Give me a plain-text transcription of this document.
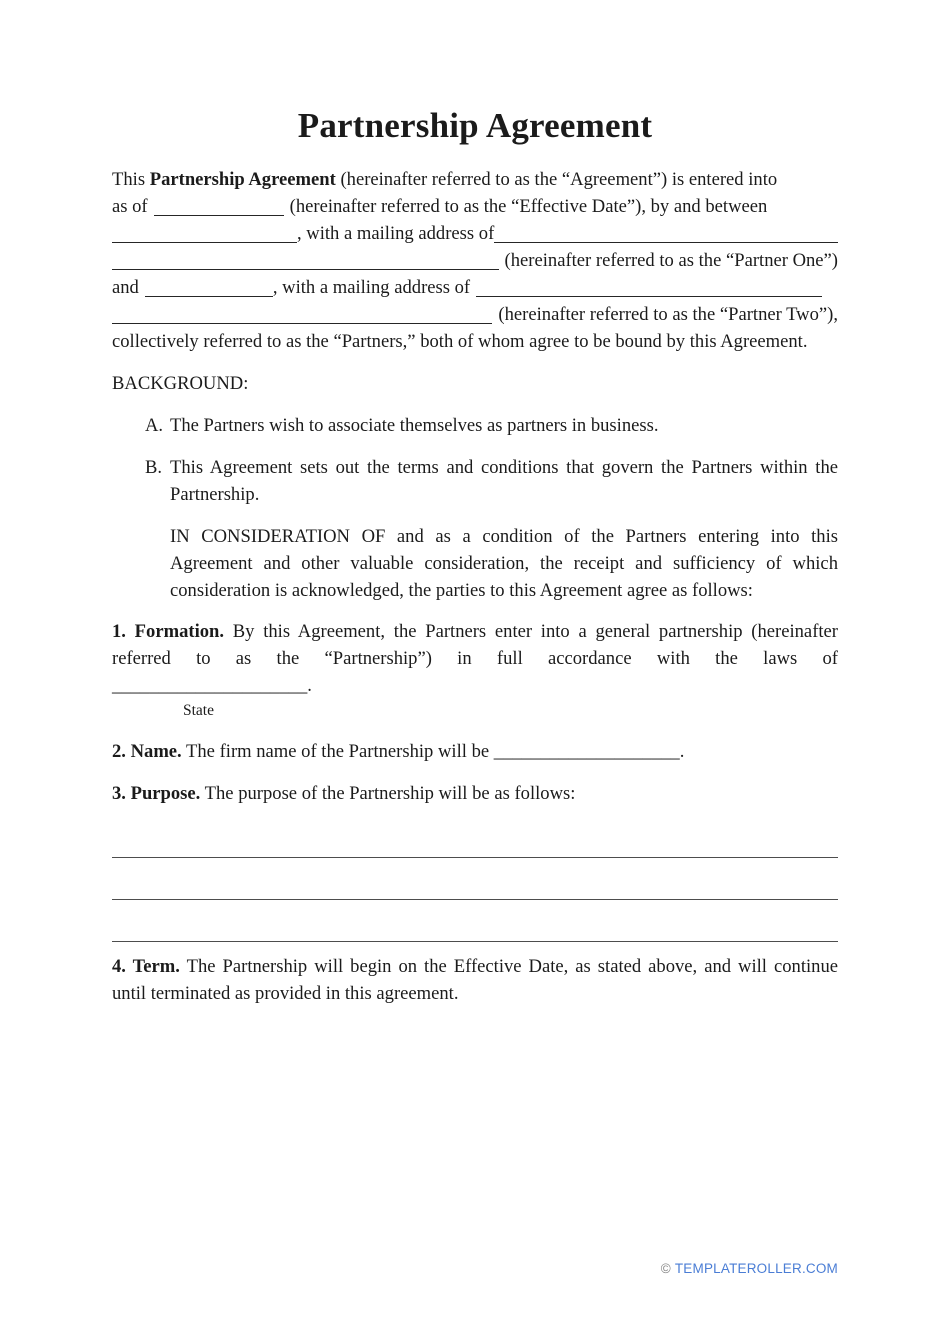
Partnership Agreement
This Partnership Agreement (hereinafter referred to as the “Agreement”) is entered into
as of	(hereinafter referred to as the “Effective Date”), by and between
, with a mailing address of
(hereinafter referred to as the “Partner One”)
and	, with a mailing address of
(hereinafter referred to as the “Partner Two”),
collectively referred to as the “Partners,” both of whom agree to be bound by this Agreement.
BACKGROUND:
A. The Partners wish to associate themselves as partners in business.
B. This Agreement sets out the terms and conditions that govern the Partners within the Partnership.
IN CONSIDERATION OF and as a condition of the Partners entering into this Agreement and other valuable consideration, the receipt and sufficiency of which consideration is acknowledged, the parties to this Agreement agree as follows:
1. Formation. By this Agreement, the Partners enter into a general partnership (hereinafter referred to as the “Partnership”) in full accordance with the laws of
_____________________.
State
2. Name. The firm name of the Partnership will be ____________________.
3. Purpose. The purpose of the Partnership will be as follows:
4. Term. The Partnership will begin on the Effective Date, as stated above, and will continue until terminated as provided in this agreement.
© TEMPLATEROLLER.COM
